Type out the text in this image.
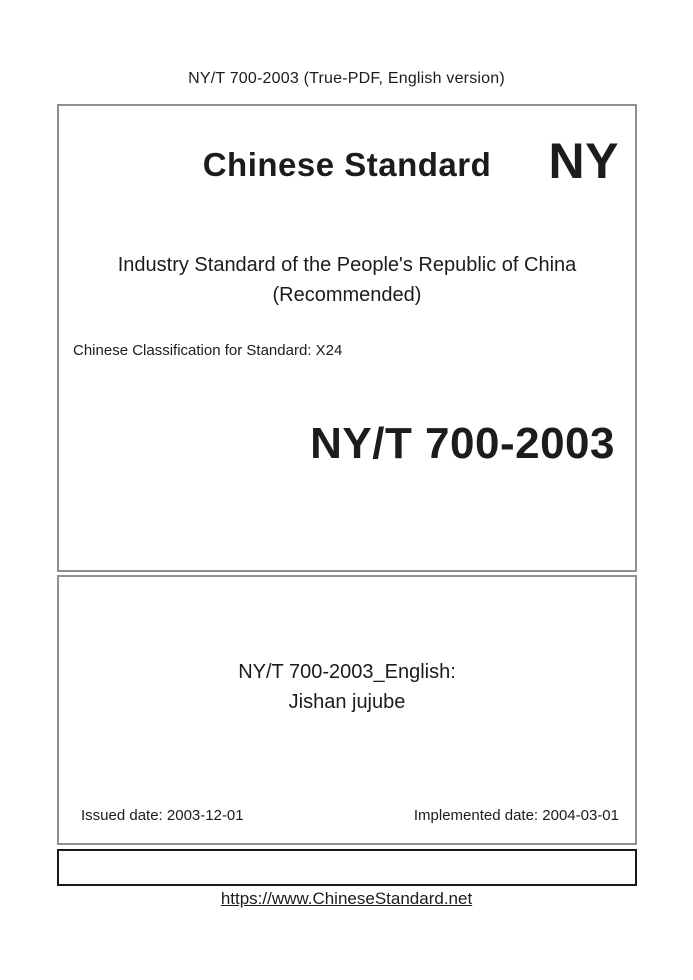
NY/T 700-2003 (True-PDF, English version)
Chinese Standard	NY
Industry Standard of the People's Republic of China
(Recommended)
Chinese Classification for Standard: X24
NY/T 700-2003
NY/T 700-2003_English:
Jishan jujube
Issued date: 2003-12-01	Implemented date: 2004-03-01
https://www.ChineseStandard.net
